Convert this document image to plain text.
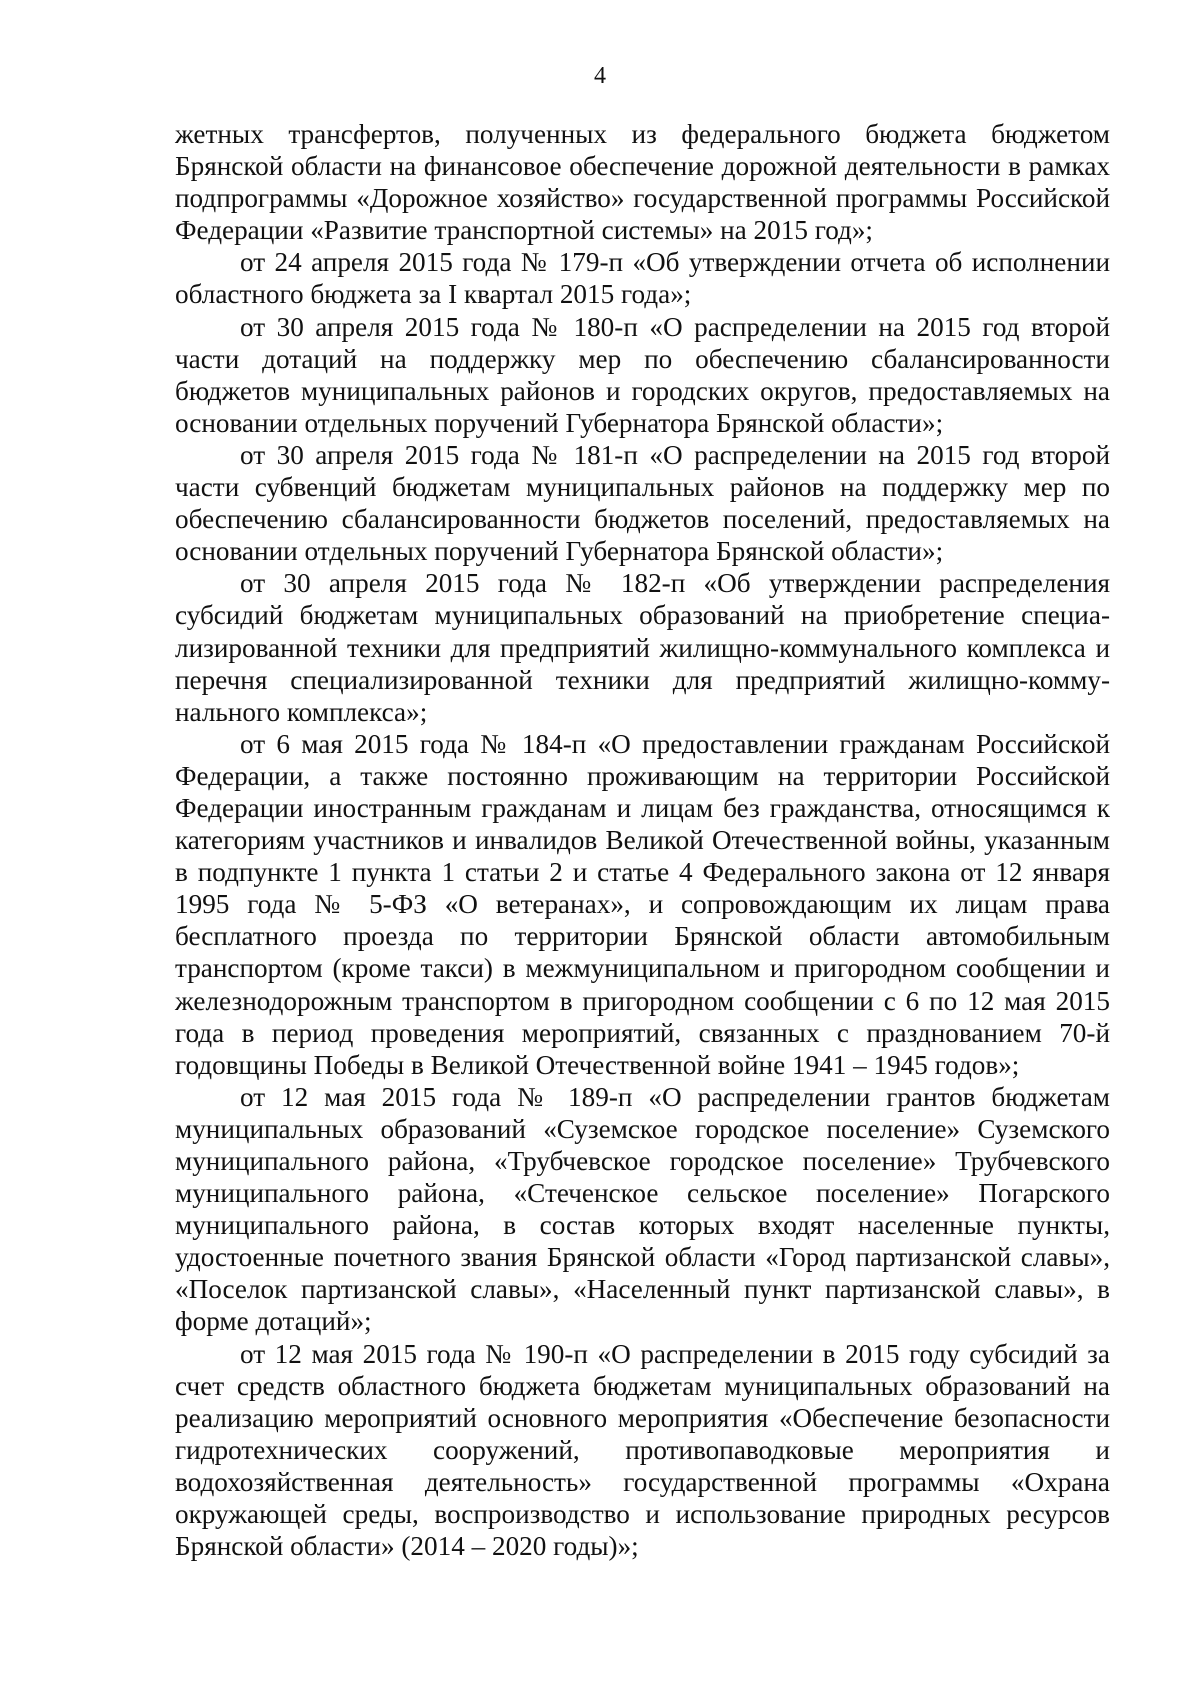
4

жетных трансфертов, полученных из федерального бюджета бюджетом Брянской области на финансовое обеспечение дорожной деятельности в рамках подпрограммы «Дорожное хозяйство» государственной программы Российской Федерации «Развитие транспортной системы» на 2015 год»;

от 24 апреля 2015 года № 179-п «Об утверждении отчета об исполнении областного бюджета за I квартал 2015 года»;

от 30 апреля 2015 года № 180-п «О распределении на 2015 год второй части дотаций на поддержку мер по обеспечению сбалансированности бюджетов муниципальных районов и городских округов, предоставляемых на основании отдельных поручений Губернатора Брянской области»;

от 30 апреля 2015 года № 181-п «О распределении на 2015 год второй части субвенций бюджетам муниципальных районов на поддержку мер по обеспечению сбалансированности бюджетов поселений, предоставляемых на основании отдельных поручений Губернатора Брянской области»;

от 30 апреля 2015 года № 182-п «Об утверждении распределения субсидий бюджетам муниципальных образований на приобретение специализированной техники для предприятий жилищно-коммунального комплекса и перечня специализированной техники для предприятий жилищно-коммунального комплекса»;

от 6 мая 2015 года № 184-п «О предоставлении гражданам Российской Федерации, а также постоянно проживающим на территории Российской Федерации иностранным гражданам и лицам без гражданства, относящимся к категориям участников и инвалидов Великой Отечественной войны, указанным в подпункте 1 пункта 1 статьи 2 и статье 4 Федерального закона от 12 января 1995 года № 5-ФЗ «О ветеранах», и сопровождающим их лицам права бесплатного проезда по территории Брянской области автомобильным транспортом (кроме такси) в межмуниципальном и пригородном сообщении и железнодорожным транспортом в пригородном сообщении с 6 по 12 мая 2015 года в период проведения мероприятий, связанных с празднованием 70-й годовщины Победы в Великой Отечественной войне 1941 – 1945 годов»;

от 12 мая 2015 года № 189-п «О распределении грантов бюджетам муниципальных образований «Суземское городское поселение» Суземского муниципального района, «Трубчевское городское поселение» Трубчевского муниципального района, «Стеченское сельское поселение» Погарского муниципального района, в состав которых входят населенные пункты, удостоенные почетного звания Брянской области «Город партизанской славы», «Поселок партизанской славы», «Населенный пункт партизанской славы», в форме дотаций»;

от 12 мая 2015 года № 190-п «О распределении в 2015 году субсидий за счет средств областного бюджета бюджетам муниципальных образований на реализацию мероприятий основного мероприятия «Обеспечение безопасности гидротехнических сооружений, противопаводковые мероприятия и водохозяйственная деятельность» государственной программы «Охрана окружающей среды, воспроизводство и использование природных ресурсов Брянской области» (2014 – 2020 годы)»;
